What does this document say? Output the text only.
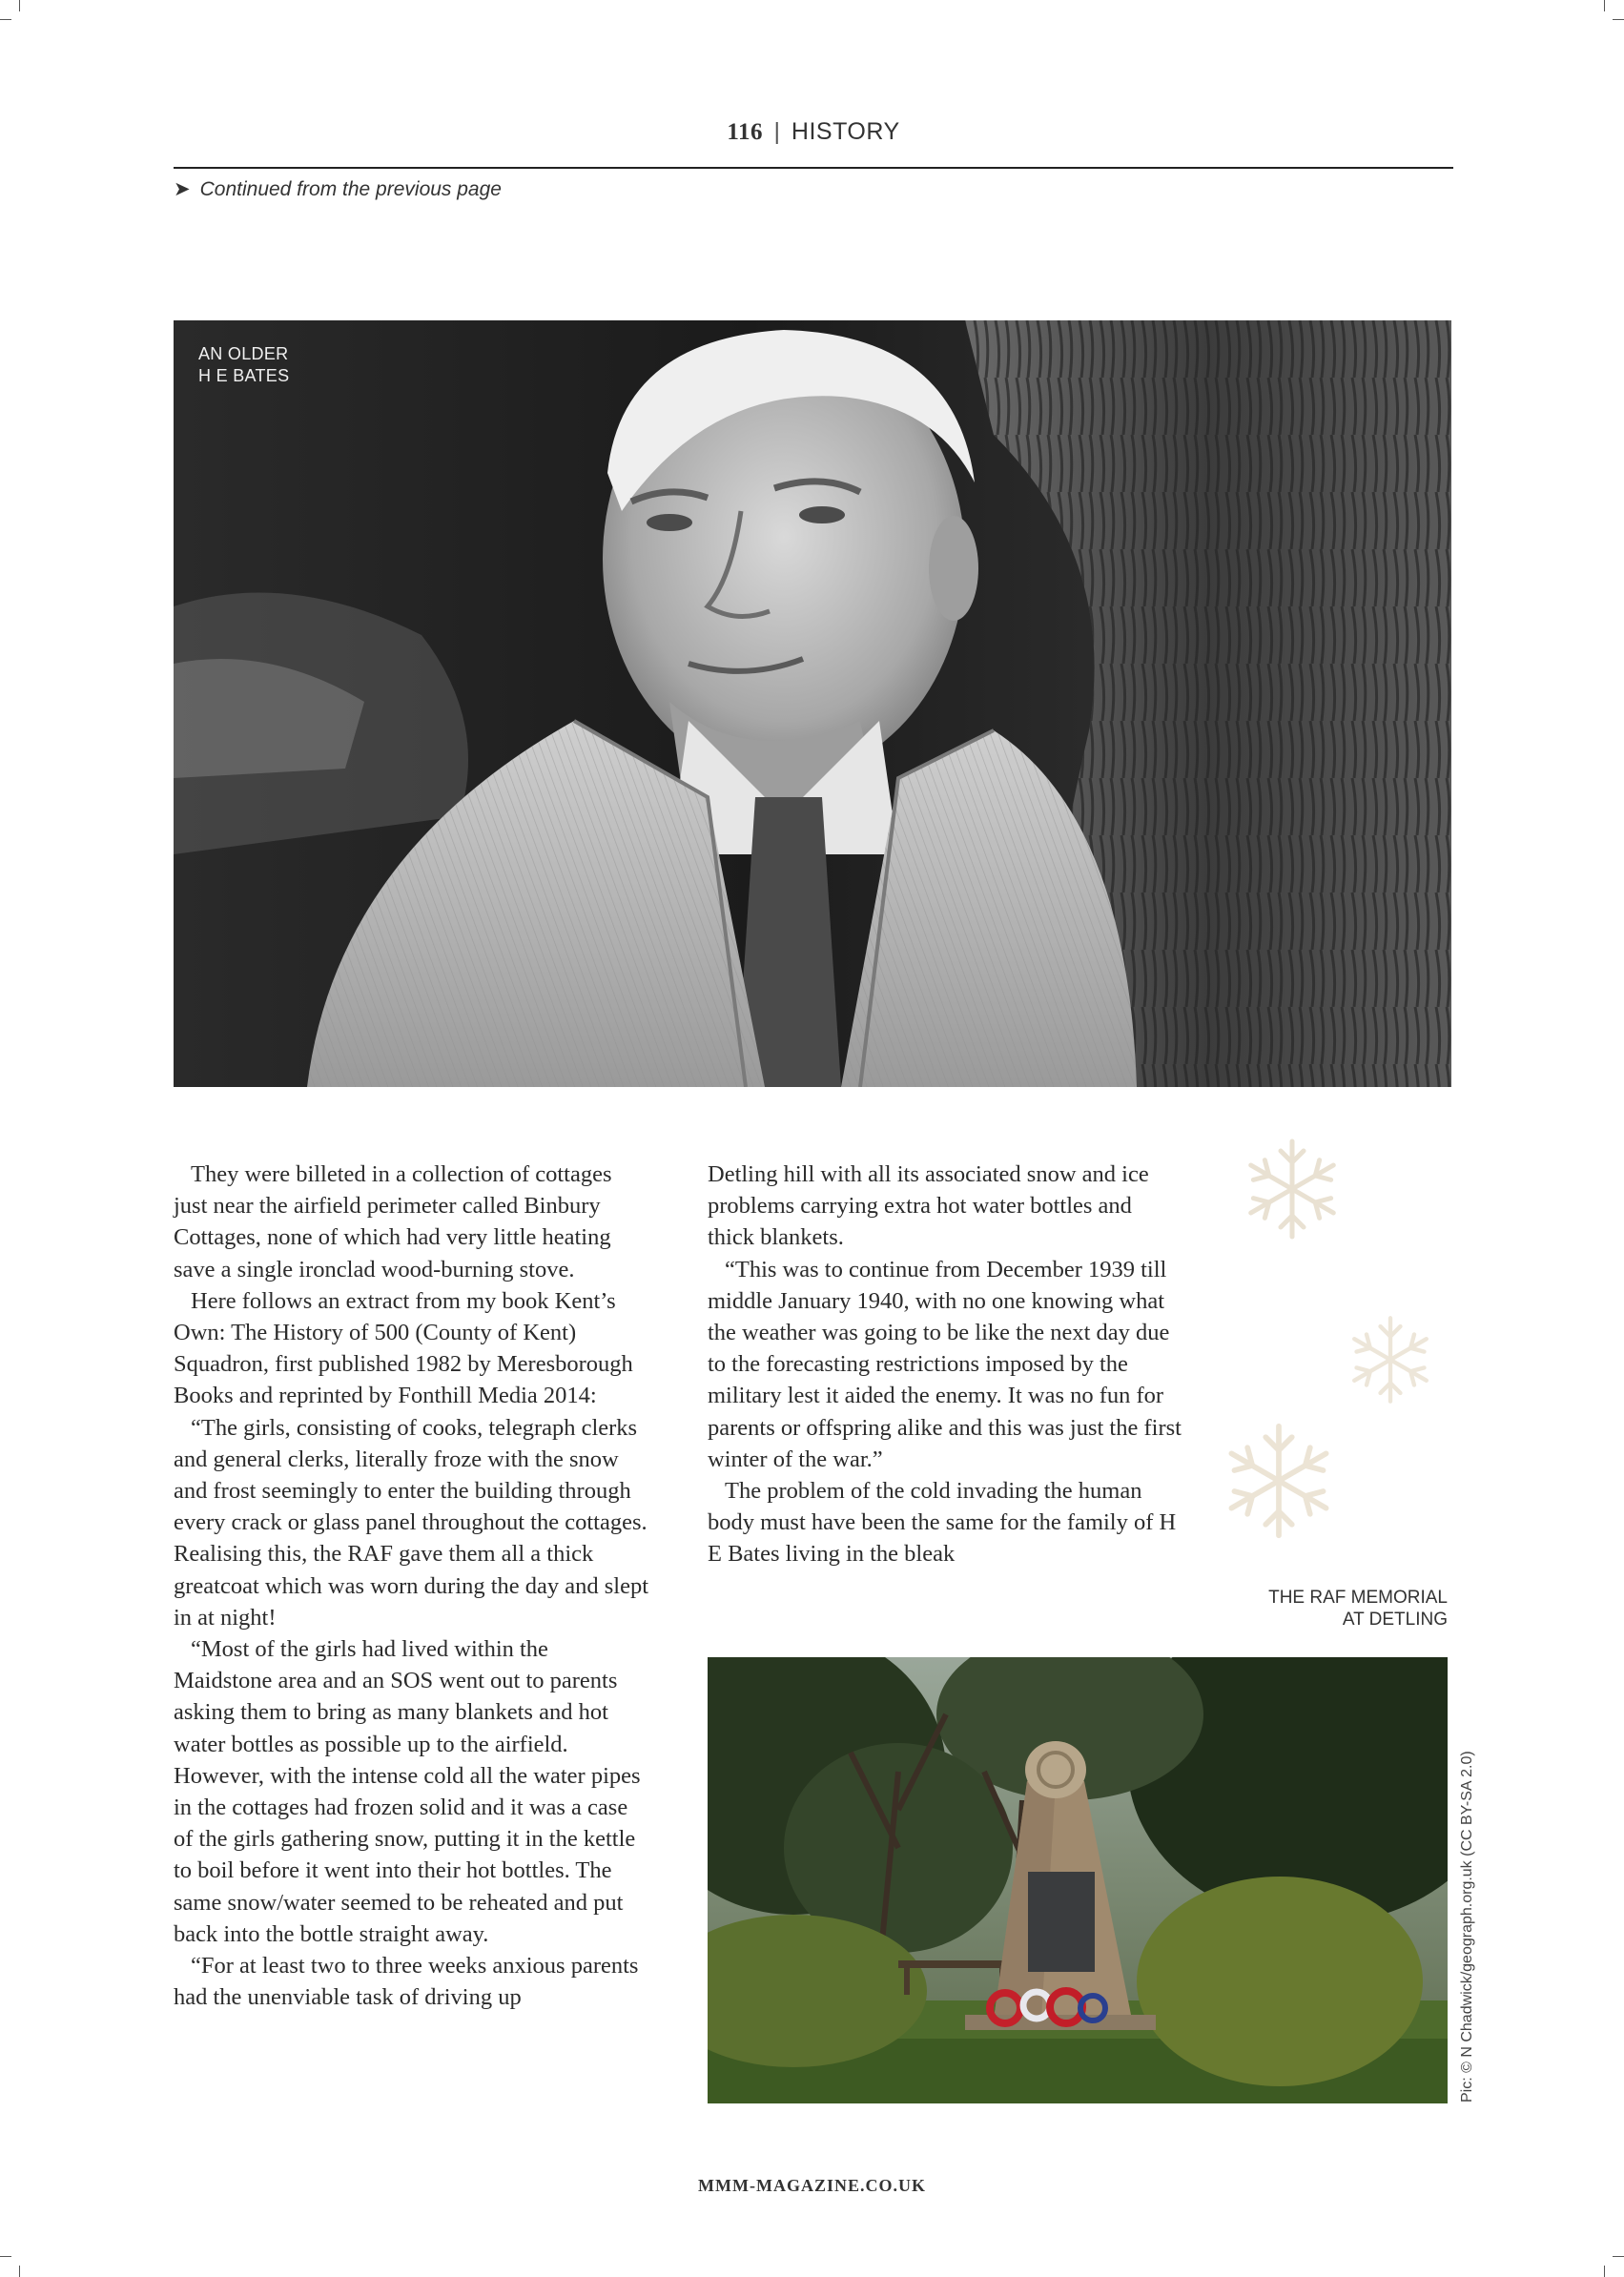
116 | HISTORY
➤ Continued from the previous page
AN OLDER
H E BATES

They were billeted in a collection of cottages just near the airfield perimeter called Binbury Cottages, none of which had very little heating save a single ironclad wood-burning stove.

Here follows an extract from my book Kent’s Own: The History of 500 (County of Kent) Squadron, first published 1982 by Meresborough Books and reprinted by Fonthill Media 2014:

“The girls, consisting of cooks, telegraph clerks and general clerks, literally froze with the snow and frost seemingly to enter the building through every crack or glass panel throughout the cottages. Realising this, the RAF gave them all a thick greatcoat which was worn during the day and slept in at night!

“Most of the girls had lived within the Maidstone area and an SOS went out to parents asking them to bring as many blankets and hot water bottles as possible up to the airfield. However, with the intense cold all the water pipes in the cottages had frozen solid and it was a case of the girls gathering snow, putting it in the kettle to boil before it went into their hot bottles. The same snow/water seemed to be reheated and put back into the bottle straight away.

“For at least two to three weeks anxious parents had the unenviable task of driving up

Detling hill with all its associated snow and ice problems carrying extra hot water bottles and thick blankets.

“This was to continue from December 1939 till middle January 1940, with no one knowing what the weather was going to be like the next day due to the forecasting restrictions imposed by the military lest it aided the enemy. It was no fun for parents or offspring alike and this was just the first winter of the war.”

The problem of the cold invading the human body must have been the same for the family of H E Bates living in the bleak

THE RAF MEMORIAL
AT DETLING
Pic: © N Chadwick/geograph.org.uk (CC BY-SA 2.0)
MMM-MAGAZINE.CO.UK
